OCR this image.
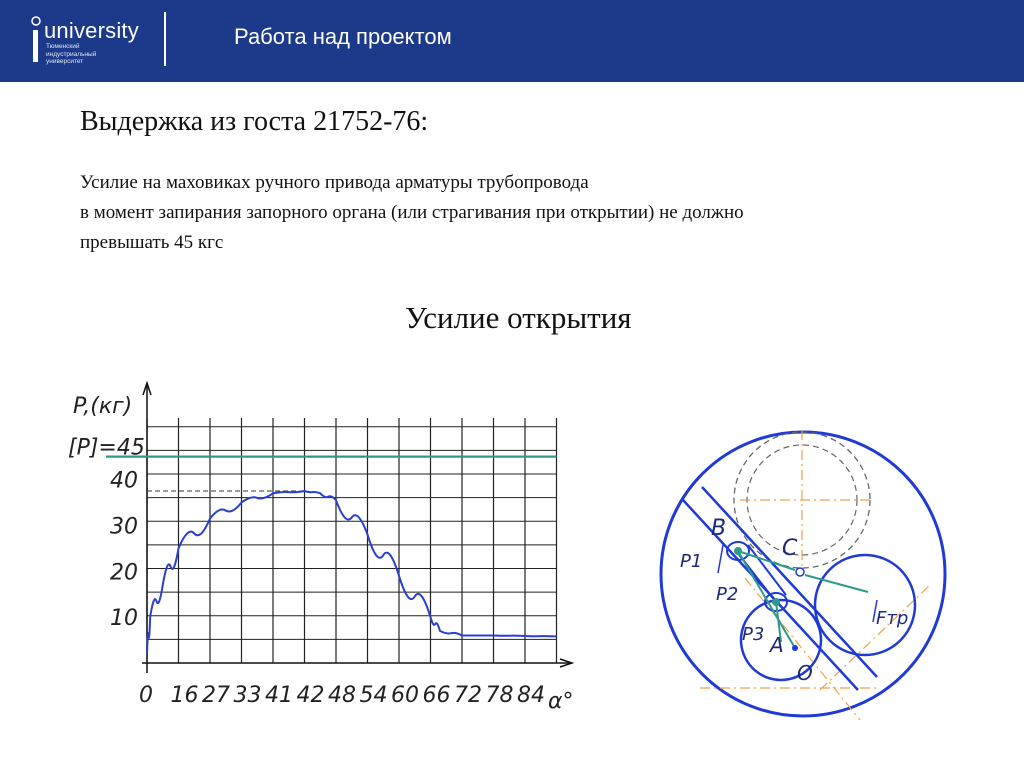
university
Тюменский
индустриальный
университет
Работа над проектом
Выдержка из госта 21752-76:
Усилие на маховиках ручного привода арматуры трубопровода
в момент запирания запорного органа (или страгивания при открытии) не должно
превышать 45 кгс
Усилие открытия
[P]=45
P,(кг)
10
20
30
40
0 16 27 33 41 42 48 54 60 66 72 78 84 α°
B
C
P1
P2
P3 A
O
Fтр
